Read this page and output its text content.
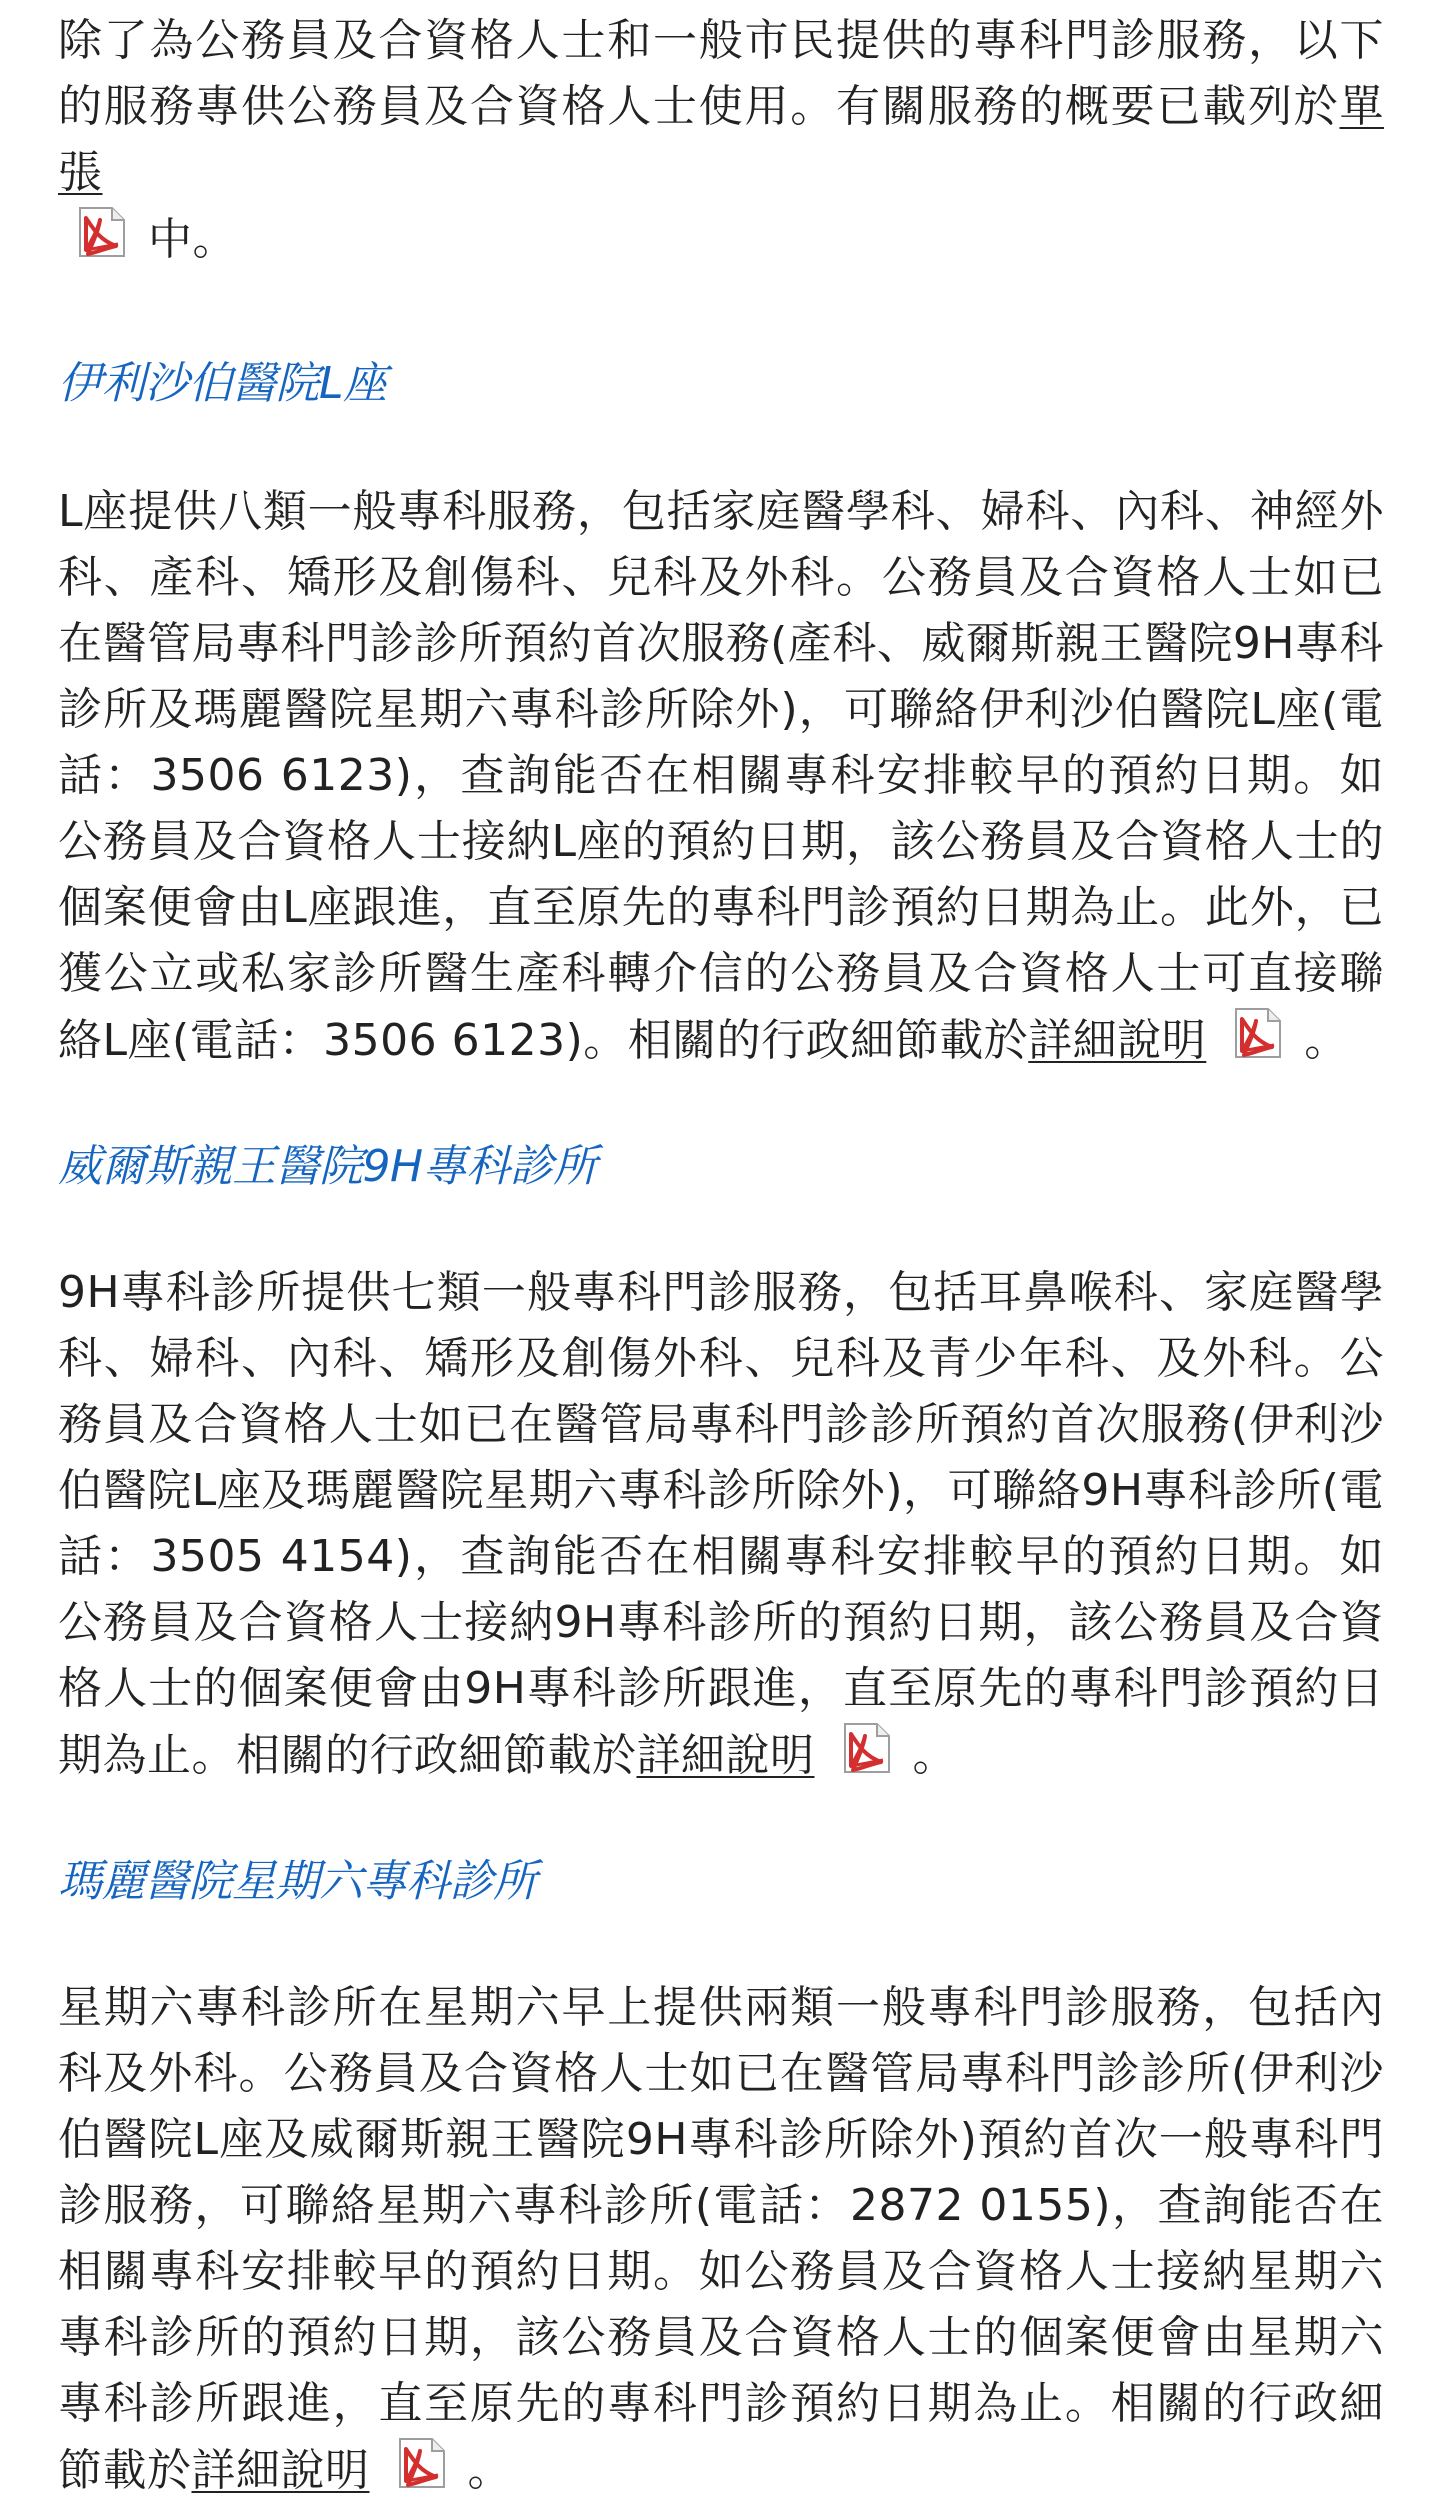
除了為公務員及合資格人士和一般市民提供的專科門診服務，以下的服務專供公務員及合資格人士使用。有關服務的概要已載列於單張
中。

伊利沙伯醫院L座

L座提供八類一般專科服務，包括家庭醫學科、婦科、內科、神經外科、產科、矯形及創傷科、兒科及外科。公務員及合資格人士如已在醫管局專科門診診所預約首次服務(產科、威爾斯親王醫院9H專科診所及瑪麗醫院星期六專科診所除外)，可聯絡伊利沙伯醫院L座(電話：3506 6123)，查詢能否在相關專科安排較早的預約日期。如公務員及合資格人士接納L座的預約日期，該公務員及合資格人士的個案便會由L座跟進，直至原先的專科門診預約日期為止。此外，已獲公立或私家診所醫生產科轉介信的公務員及合資格人士可直接聯絡L座(電話：3506 6123)。相關的行政細節載於詳細說明 。

威爾斯親王醫院9H專科診所

9H專科診所提供七類一般專科門診服務，包括耳鼻喉科、家庭醫學科、婦科、內科、矯形及創傷外科、兒科及青少年科、及外科。公務員及合資格人士如已在醫管局專科門診診所預約首次服務(伊利沙伯醫院L座及瑪麗醫院星期六專科診所除外)，可聯絡9H專科診所(電話：3505 4154)，查詢能否在相關專科安排較早的預約日期。如公務員及合資格人士接納9H專科診所的預約日期，該公務員及合資格人士的個案便會由9H專科診所跟進，直至原先的專科門診預約日期為止。相關的行政細節載於詳細說明 。

瑪麗醫院星期六專科診所

星期六專科診所在星期六早上提供兩類一般專科門診服務，包括內科及外科。公務員及合資格人士如已在醫管局專科門診診所(伊利沙伯醫院L座及威爾斯親王醫院9H專科診所除外)預約首次一般專科門診服務，可聯絡星期六專科診所(電話：2872 0155)，查詢能否在相關專科安排較早的預約日期。如公務員及合資格人士接納星期六專科診所的預約日期，該公務員及合資格人士的個案便會由星期六專科診所跟進，直至原先的專科門診預約日期為止。相關的行政細節載於詳細說明 。
